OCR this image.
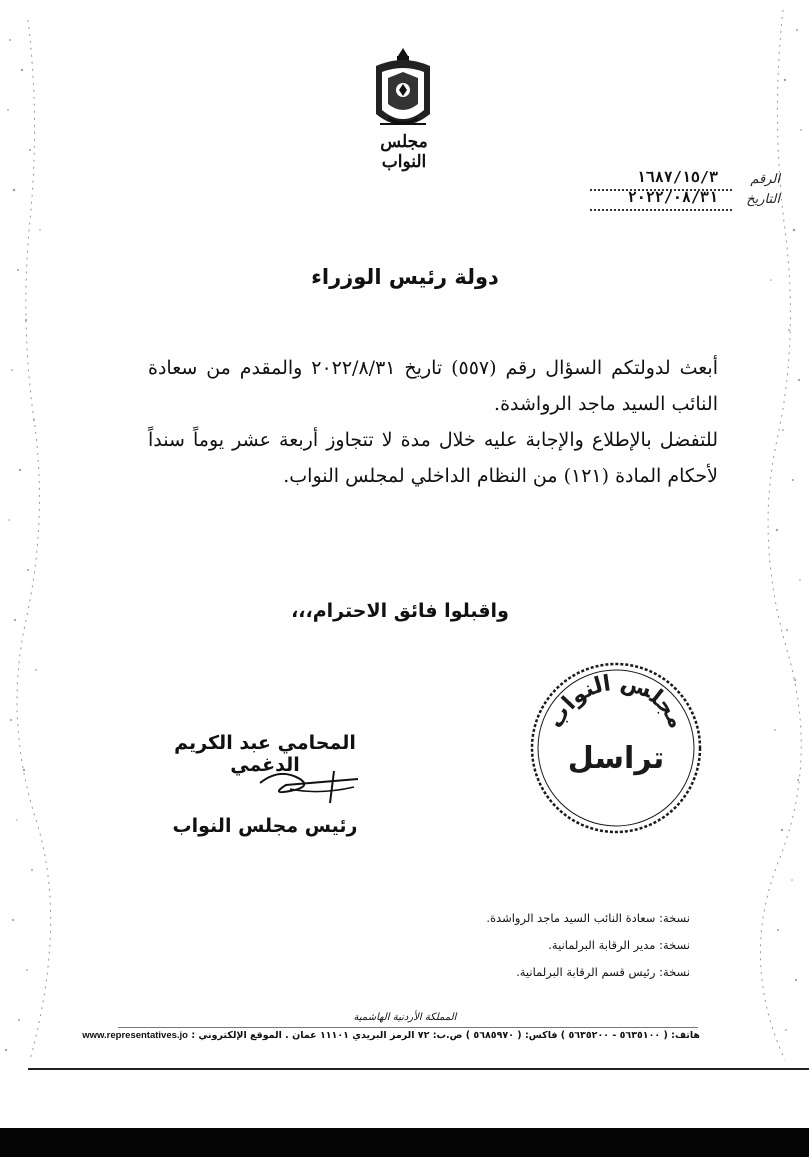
مجلس النواب
الرقم
١٦٨٧/١٥/٣
التاريخ
٢٠٢٢/٠٨/٣١
دولة رئيس الوزراء

أبعث لدولتكم السؤال رقم (٥٥٧) تاريخ ٢٠٢٢/٨/٣١ والمقدم من سعادة النائب السيد ماجد الرواشدة.

للتفضل بالإطلاع والإجابة عليه خلال مدة لا تتجاوز أربعة عشر يوماً سنداً لأحكام المادة (١٢١) من النظام الداخلي لمجلس النواب.

واقبلوا فائق الاحترام،،،
مجلس النواب
تراسل
المحامي عبد الكريم الدغمي
رئيس مجلس النواب
نسخة: سعادة النائب السيد ماجد الرواشدة.
نسخة: مدير الرقابة البرلمانية.
نسخة: رئيس قسم الرقابة البرلمانية.
المملكة الأردنية الهاشمية
هاتف: ( ٥٦٣٥١٠٠ - ٥٦٣٥٢٠٠ ) فاكس: ( ٥٦٨٥٩٧٠ ) ص.ب: ٧٢ الرمز البريدي ١١١٠١ عمان . الموقع الإلكتروني : www.representatives.jo
